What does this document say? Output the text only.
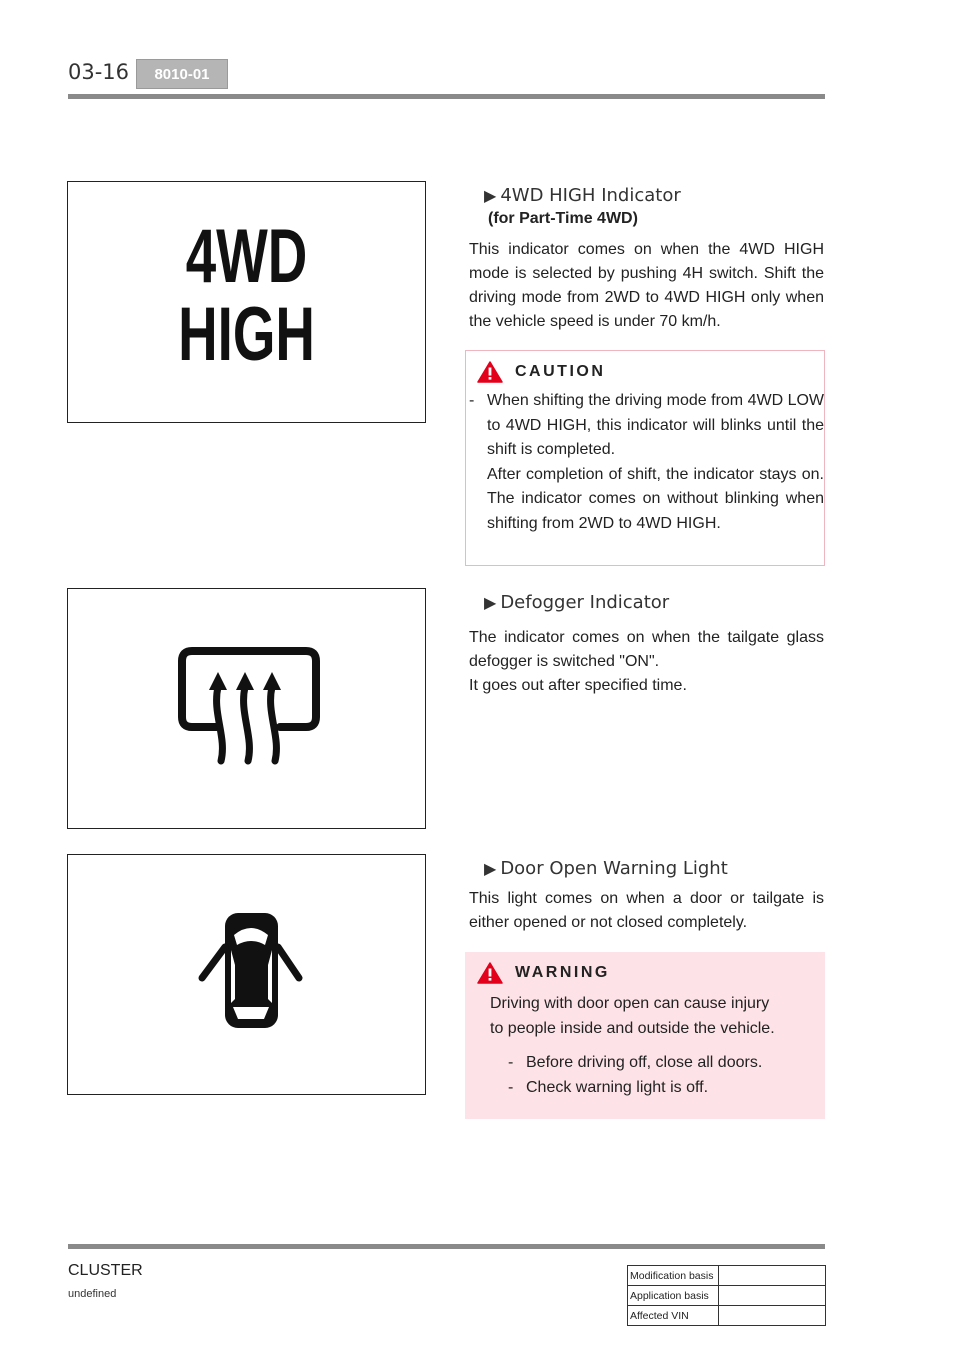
03-16	8010-01
4WD
HIGH
▶ 4WD HIGH Indicator
(for Part-Time 4WD)
This indicator comes on when the 4WD HIGH mode is selected by pushing 4H switch. Shift the driving mode from 2WD to 4WD HIGH only when the vehicle speed is under 70 km/h.
CAUTION
- When shifting the driving mode from 4WD LOW to 4WD HIGH, this indicator will blinks until the shift is completed.
After completion of shift, the indicator stays on. The indicator comes on without blinking when shifting from 2WD to 4WD HIGH.
▶ Defogger Indicator

The indicator comes on when the tailgate glass defogger is switched "ON".

It goes out after specified time.

▶ Door Open Warning Light
This light comes on when a door or tailgate is either opened or not closed completely.
WARNING
Driving with door open can cause injury
to people inside and outside the vehicle.
- Before driving off, close all doors.
- Check warning light is off.
CLUSTER
undefined
Modification basis	
Application basis	
Affected VIN	
